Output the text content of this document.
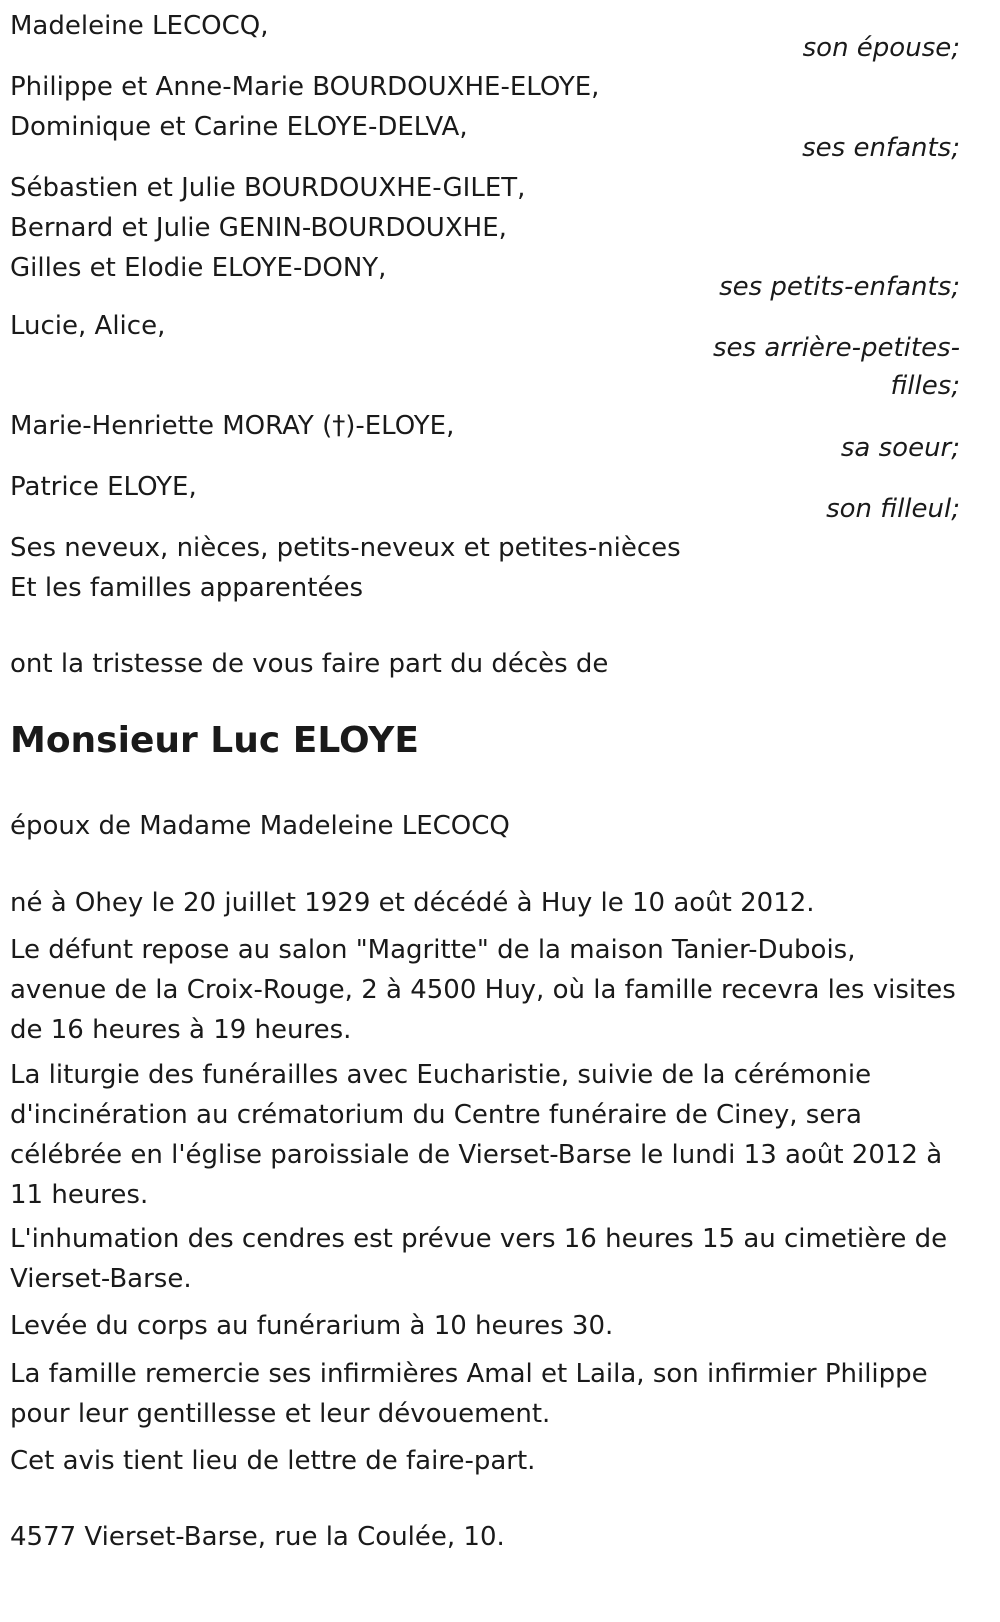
Madeleine LECOCQ,
son épouse;
Philippe et Anne-Marie BOURDOUXHE-ELOYE,
Dominique et Carine ELOYE-DELVA,
ses enfants;
Sébastien et Julie BOURDOUXHE-GILET,
Bernard et Julie GENIN-BOURDOUXHE,
Gilles et Elodie ELOYE-DONY,
ses petits-enfants;
Lucie, Alice,
ses arrière-petites-
filles;
Marie-Henriette MORAY (†)-ELOYE,
sa soeur;
Patrice ELOYE,
son filleul;
Ses neveux, nièces, petits-neveux et petites-nièces
Et les familles apparentées
ont la tristesse de vous faire part du décès de
Monsieur Luc ELOYE
époux de Madame Madeleine LECOCQ
né à Ohey le 20 juillet 1929 et décédé à Huy le 10 août 2012.
Le défunt repose au salon "Magritte" de la maison Tanier-Dubois, avenue de la Croix-Rouge, 2 à 4500 Huy, où la famille recevra les visites de 16 heures à 19 heures.
La liturgie des funérailles avec Eucharistie, suivie de la cérémonie d'incinération au crématorium du Centre funéraire de Ciney, sera célébrée en l'église paroissiale de Vierset-Barse le lundi 13 août 2012 à 11 heures.
L'inhumation des cendres est prévue vers 16 heures 15 au cimetière de Vierset-Barse.
Levée du corps au funérarium à 10 heures 30.
La famille remercie ses infirmières Amal et Laila, son infirmier Philippe pour leur gentillesse et leur dévouement.
Cet avis tient lieu de lettre de faire-part.
4577 Vierset-Barse, rue la Coulée, 10.
